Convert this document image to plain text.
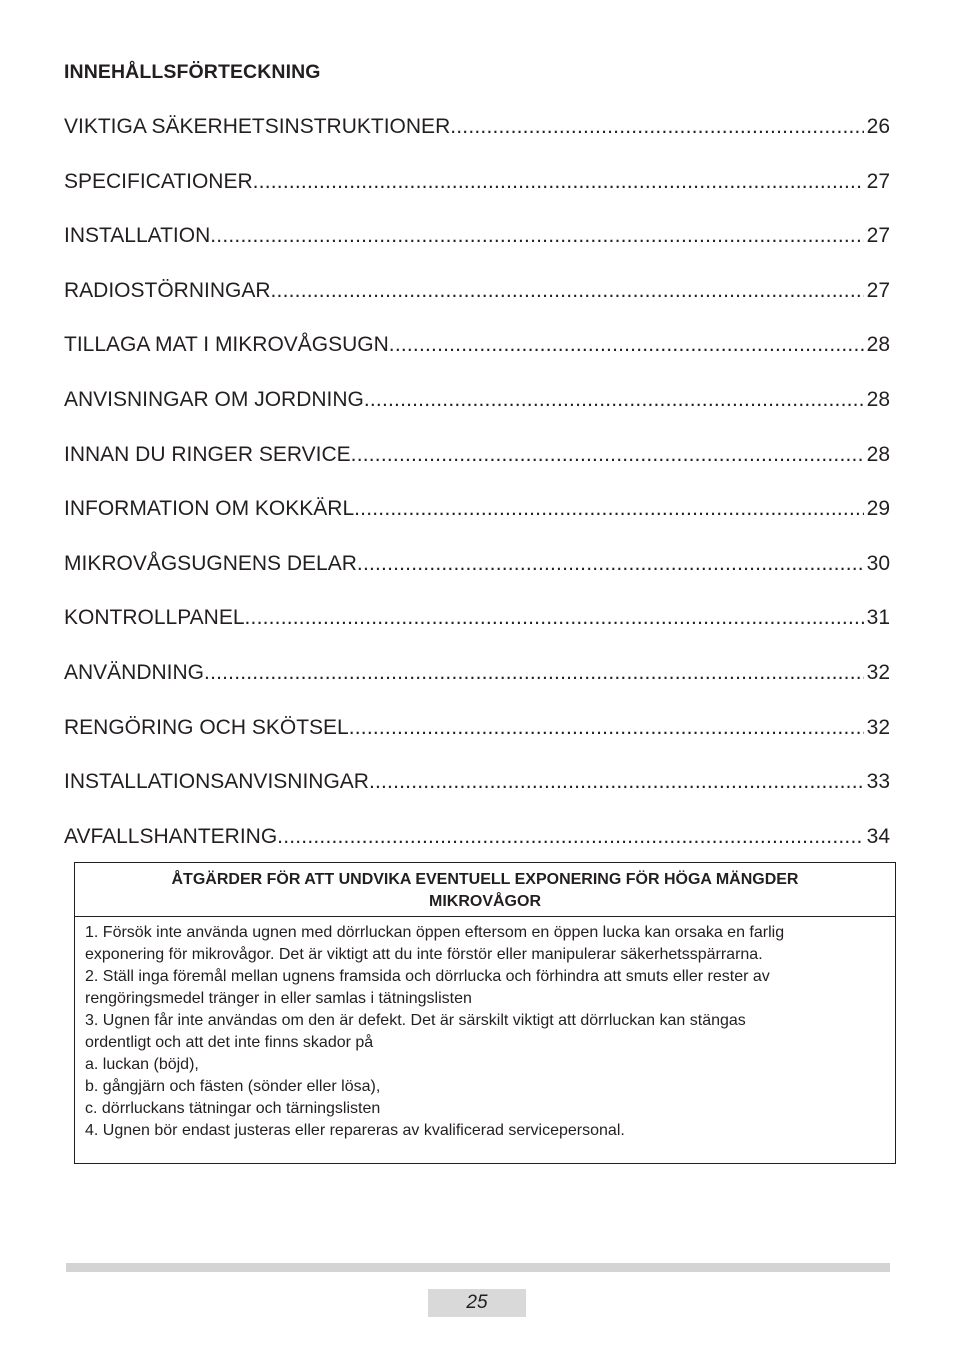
INNEHÅLLSFÖRTECKNING
VIKTIGA SÄKERHETSINSTRUKTIONER .....	26
SPECIFICATIONER .....	27
INSTALLATION .....	27
RADIOSTÖRNINGAR .....	27
TILLAGA MAT I MIKROVÅGSUGN .....	28
ANVISNINGAR OM JORDNING .....	28
INNAN DU RINGER SERVICE .....	28
INFORMATION OM KOKKÄRL .....	29
MIKROVÅGSUGNENS DELAR .....	30
KONTROLLPANEL .....	31
ANVÄNDNING .....	32
RENGÖRING OCH SKÖTSEL .....	32
INSTALLATIONSANVISNINGAR .....	33
AVFALLSHANTERING .....	34
ÅTGÄRDER FÖR ATT UNDVIKA EVENTUELL EXPONERING FÖR HÖGA MÄNGDER
MIKROVÅGOR
1. Försök inte använda ugnen med dörrluckan öppen eftersom en öppen lucka kan orsaka en farlig
exponering för mikrovågor. Det är viktigt att du inte förstör eller manipulerar säkerhetsspärrarna.
2. Ställ inga föremål mellan ugnens framsida och dörrlucka och förhindra att smuts eller rester av
rengöringsmedel tränger in eller samlas i tätningslisten
3. Ugnen får inte användas om den är defekt. Det är särskilt viktigt att dörrluckan kan stängas
ordentligt och att det inte finns skador på
a. luckan (böjd),
b. gångjärn och fästen (sönder eller lösa),
c. dörrluckans tätningar och tärningslisten
4. Ugnen bör endast justeras eller repareras av kvalificerad servicepersonal.
25
